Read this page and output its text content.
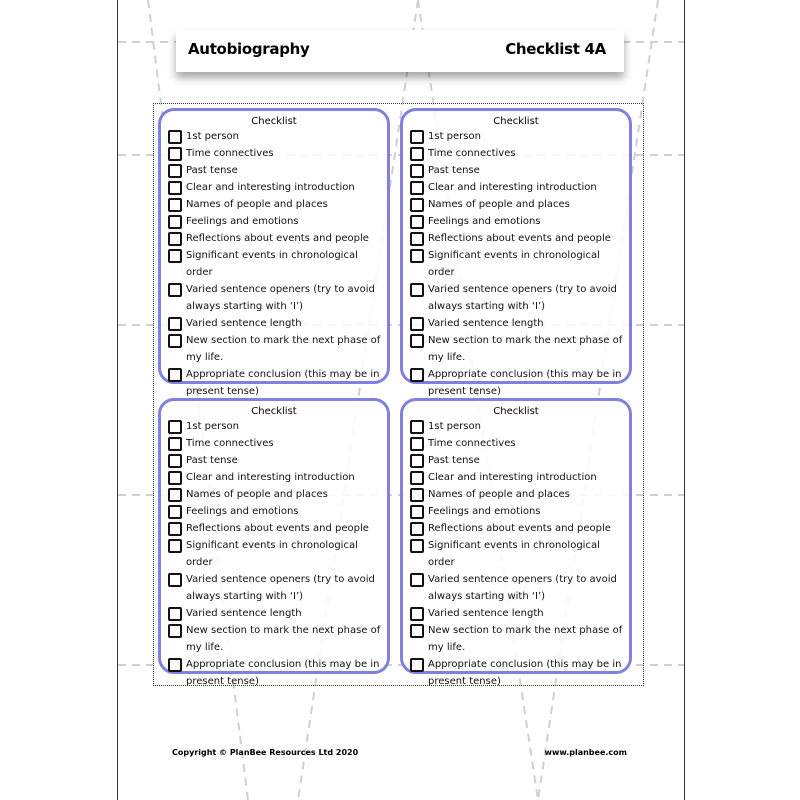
Autobiography	Checklist 4A
Checklist
1st person
Time connectives
Past tense
Clear and interesting introduction
Names of people and places
Feelings and emotions
Reflections about events and people
Significant events in chronological order
Varied sentence openers (try to avoid always starting with ‘I’)
Varied sentence length
New section to mark the next phase of my life.
Appropriate conclusion (this may be in present tense)
Checklist
1st person
Time connectives
Past tense
Clear and interesting introduction
Names of people and places
Feelings and emotions
Reflections about events and people
Significant events in chronological order
Varied sentence openers (try to avoid always starting with ‘I’)
Varied sentence length
New section to mark the next phase of my life.
Appropriate conclusion (this may be in present tense)
Checklist
1st person
Time connectives
Past tense
Clear and interesting introduction
Names of people and places
Feelings and emotions
Reflections about events and people
Significant events in chronological order
Varied sentence openers (try to avoid always starting with ‘I’)
Varied sentence length
New section to mark the next phase of my life.
Appropriate conclusion (this may be in present tense)
Checklist
1st person
Time connectives
Past tense
Clear and interesting introduction
Names of people and places
Feelings and emotions
Reflections about events and people
Significant events in chronological order
Varied sentence openers (try to avoid always starting with ‘I’)
Varied sentence length
New section to mark the next phase of my life.
Appropriate conclusion (this may be in present tense)
Copyright © PlanBee Resources Ltd 2020	www.planbee.com
